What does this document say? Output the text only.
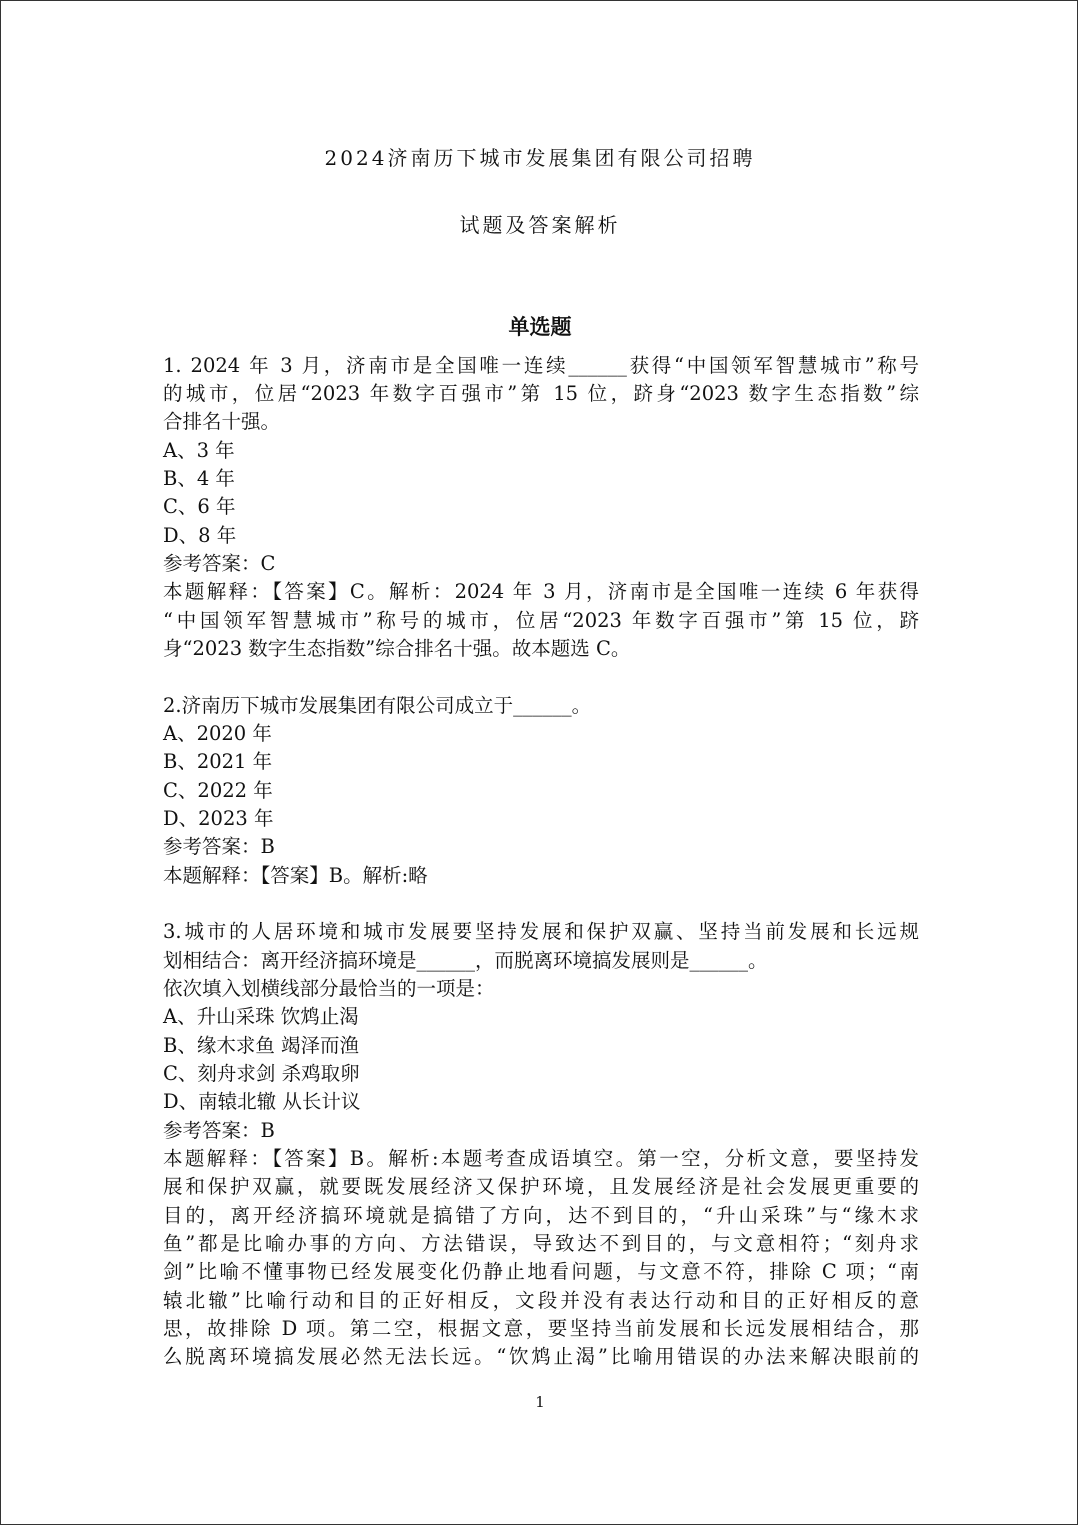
2024济南历下城市发展集团有限公司招聘
试题及答案解析
单选题
1. 2024 年 3 月，济南市是全国唯一连续______获得“中国领军智慧城市”称号
的城市，位居“2023 年数字百强市”第 15 位，跻身“2023 数字生态指数”综
合排名十强。
A、3 年
B、4 年
C、6 年
D、8 年
参考答案：C
本题解释：【答案】C。解析：2024 年 3 月，济南市是全国唯一连续 6 年获得
“中国领军智慧城市”称号的城市，位居“2023 年数字百强市”第 15 位，跻
身“2023 数字生态指数”综合排名十强。故本题选 C。
2.济南历下城市发展集团有限公司成立于______。
A、2020 年
B、2021 年
C、2022 年
D、2023 年
参考答案：B
本题解释：【答案】B。解析:略
3.城市的人居环境和城市发展要坚持发展和保护双赢、坚持当前发展和长远规
划相结合：离开经济搞环境是______，而脱离环境搞发展则是______。
依次填入划横线部分最恰当的一项是：
A、升山采珠 饮鸩止渴
B、缘木求鱼 竭泽而渔
C、刻舟求剑 杀鸡取卵
D、南辕北辙 从长计议
参考答案：B
本题解释：【答案】B。解析:本题考查成语填空。第一空，分析文意，要坚持发
展和保护双赢，就要既发展经济又保护环境，且发展经济是社会发展更重要的
目的，离开经济搞环境就是搞错了方向，达不到目的，“升山采珠”与“缘木求
鱼”都是比喻办事的方向、方法错误，导致达不到目的，与文意相符；“刻舟求
剑”比喻不懂事物已经发展变化仍静止地看问题，与文意不符，排除 C 项；“南
辕北辙”比喻行动和目的正好相反，文段并没有表达行动和目的正好相反的意
思，故排除 D 项。第二空，根据文意，要坚持当前发展和长远发展相结合，那
么脱离环境搞发展必然无法长远。“饮鸩止渴”比喻用错误的办法来解决眼前的
1
